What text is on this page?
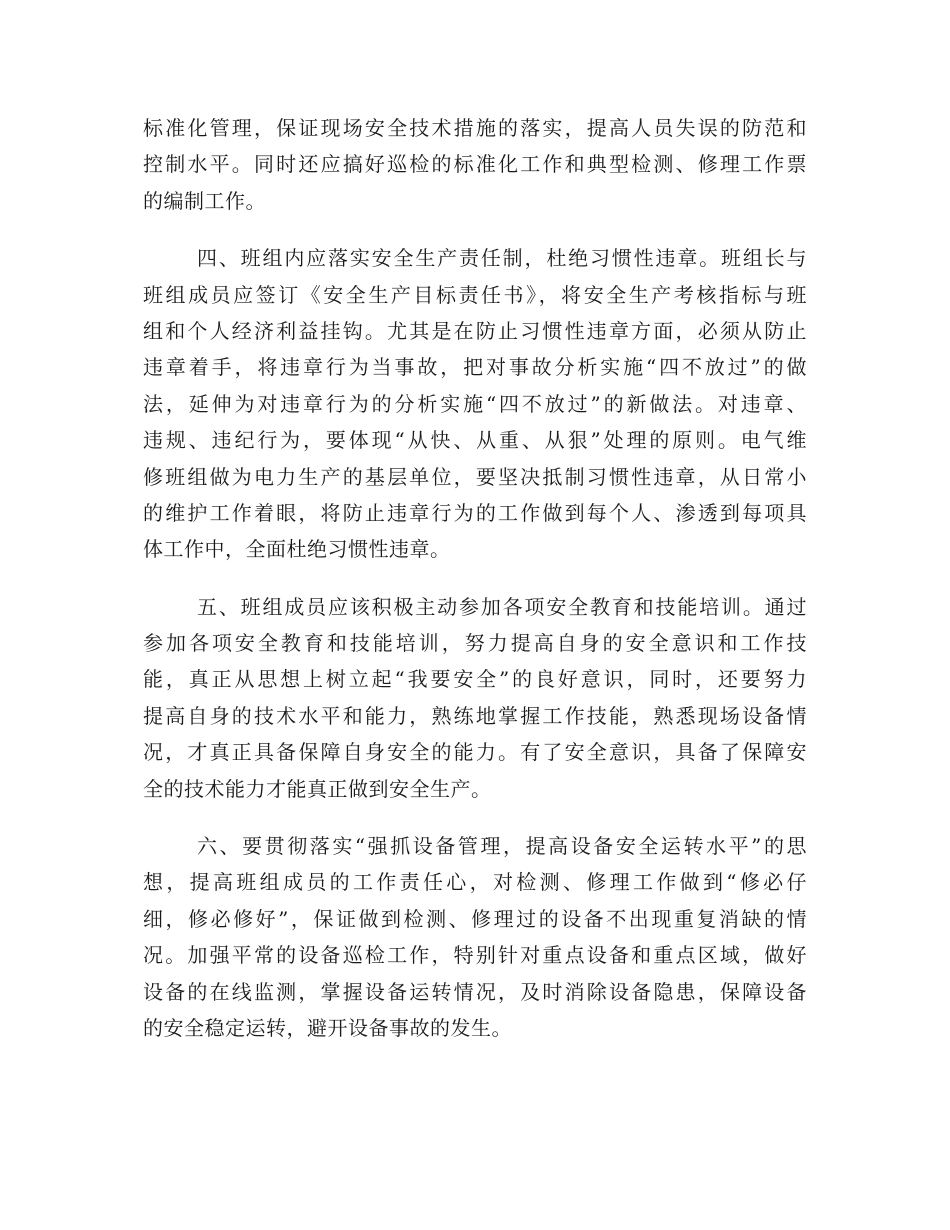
标准化管理，保证现场安全技术措施的落实，提高人员失误的防范和
控制水平。同时还应搞好巡检的标准化工作和典型检测、修理工作票
的编制工作。
四、班组内应落实安全生产责任制，杜绝习惯性违章。班组长与
班组成员应签订《安全生产目标责任书》，将安全生产考核指标与班
组和个人经济利益挂钩。尤其是在防止习惯性违章方面，必须从防止
违章着手，将违章行为当事故，把对事故分析实施“四不放过”的做
法，延伸为对违章行为的分析实施“四不放过”的新做法。对违章、
违规、违纪行为，要体现“从快、从重、从狠”处理的原则。电气维
修班组做为电力生产的基层单位，要坚决抵制习惯性违章，从日常小
的维护工作着眼，将防止违章行为的工作做到每个人、渗透到每项具
体工作中，全面杜绝习惯性违章。
五、班组成员应该积极主动参加各项安全教育和技能培训。通过
参加各项安全教育和技能培训，努力提高自身的安全意识和工作技
能，真正从思想上树立起“我要安全”的良好意识，同时，还要努力
提高自身的技术水平和能力，熟练地掌握工作技能，熟悉现场设备情
况，才真正具备保障自身安全的能力。有了安全意识，具备了保障安
全的技术能力才能真正做到安全生产。
六、要贯彻落实“强抓设备管理，提高设备安全运转水平”的思
想，提高班组成员的工作责任心，对检测、修理工作做到“修必仔
细，修必修好”，保证做到检测、修理过的设备不出现重复消缺的情
况。加强平常的设备巡检工作，特别针对重点设备和重点区域，做好
设备的在线监测，掌握设备运转情况，及时消除设备隐患，保障设备
的安全稳定运转，避开设备事故的发生。
